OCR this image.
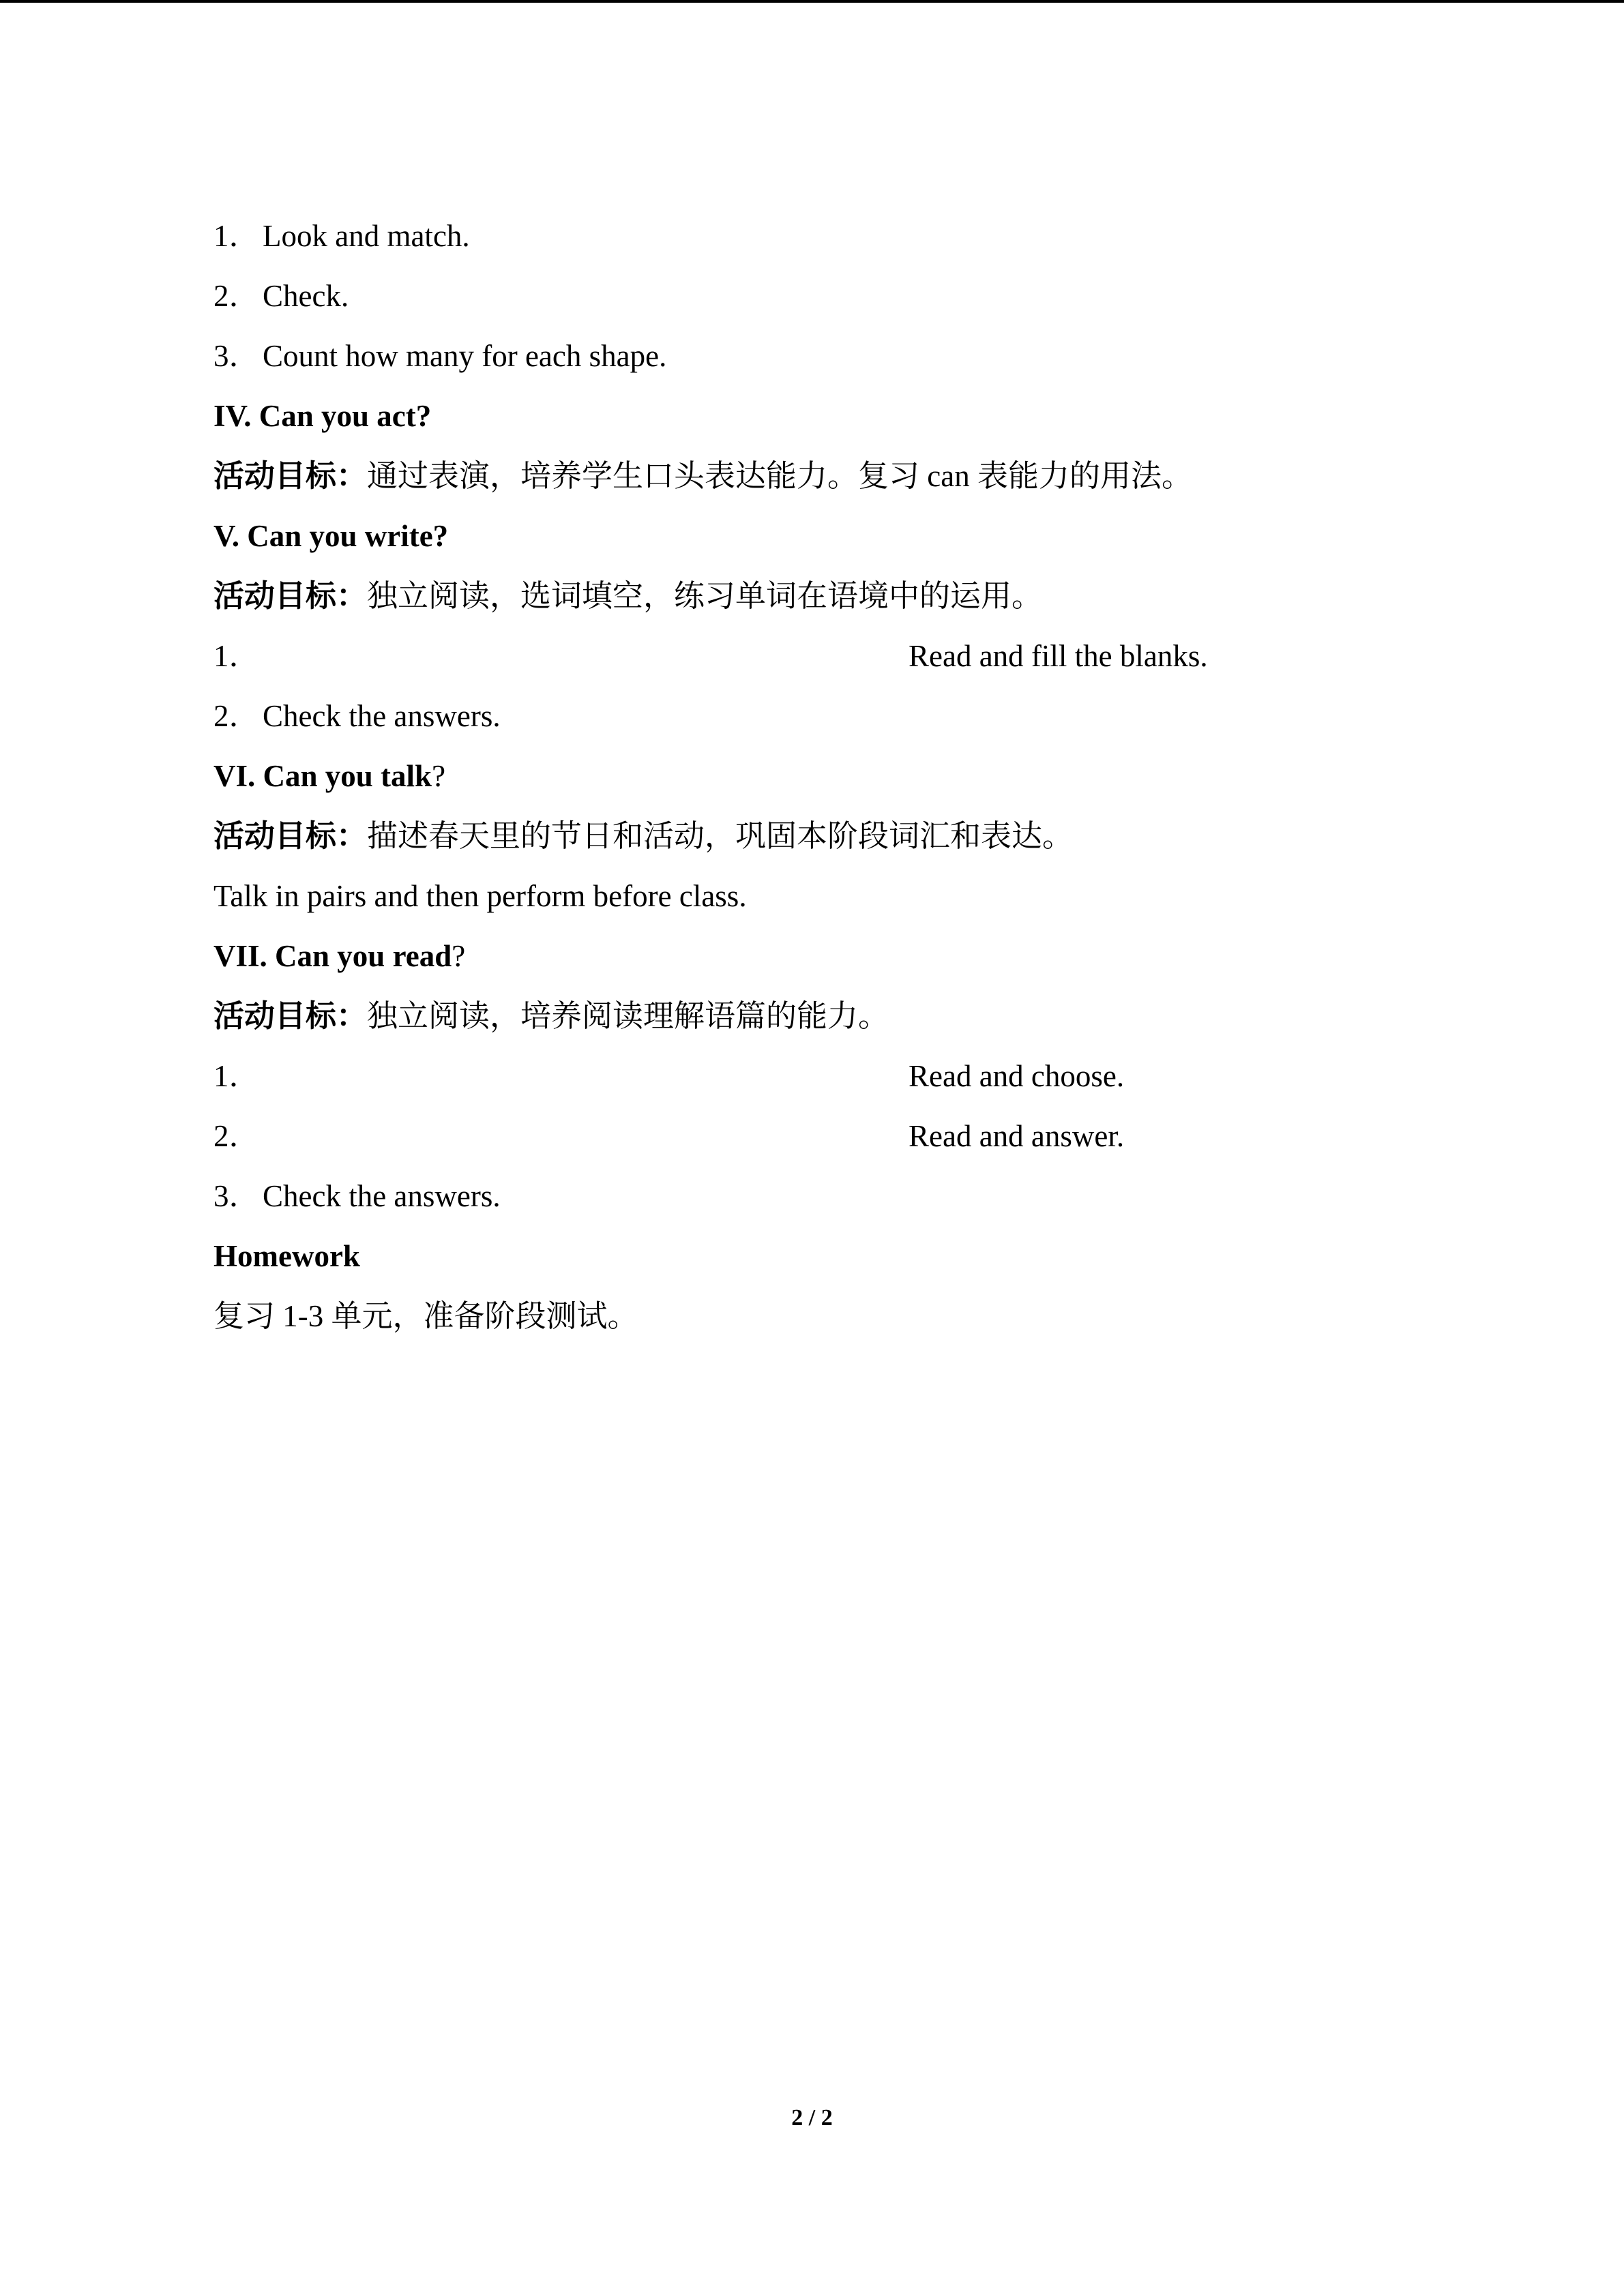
1．Look and match.
2．Check.
3．Count how many for each shape.
IV. Can you act?
活动目标：通过表演，培养学生口头表达能力。复习 can 表能力的用法。
V. Can you write?
活动目标：独立阅读，选词填空，练习单词在语境中的运用。
1．	Read and fill the blanks.
2．Check the answers.
VI. Can you talk?
活动目标：描述春天里的节日和活动，巩固本阶段词汇和表达。
Talk in pairs and then perform before class.
VII. Can you read?
活动目标：独立阅读，培养阅读理解语篇的能力。
1．	Read and choose.
2．	Read and answer.
3．Check the answers.
Homework
复习 1-3 单元，准备阶段测试。
2 / 2
